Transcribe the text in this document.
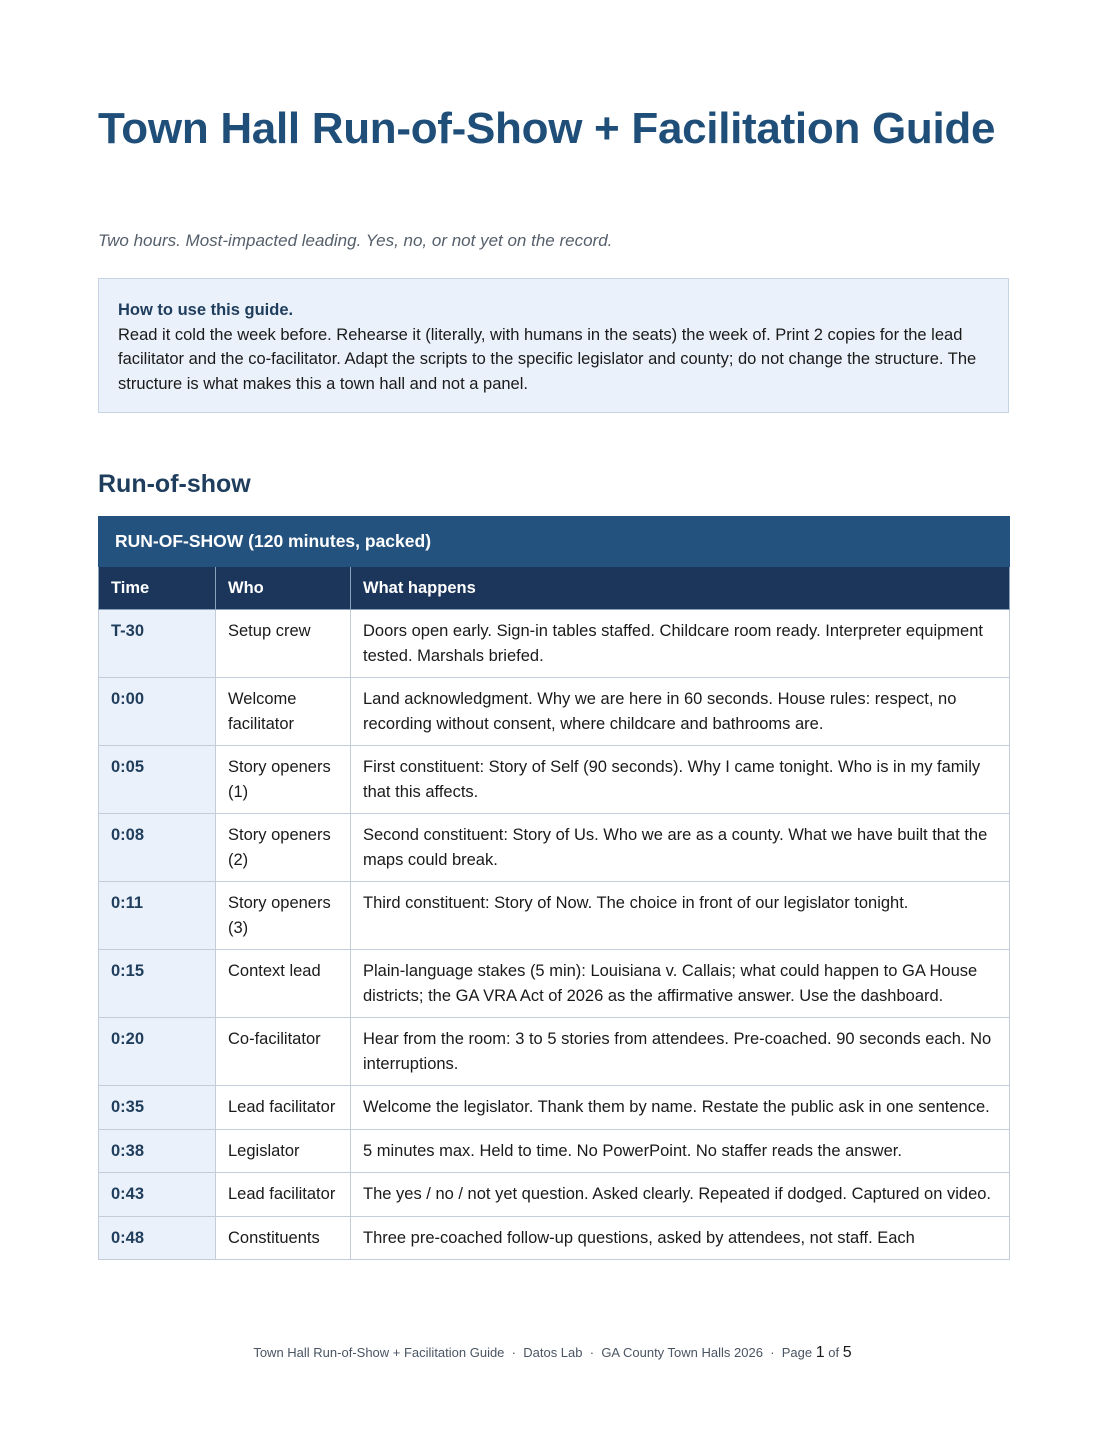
Town Hall Run-of-Show + Facilitation Guide
Two hours. Most-impacted leading. Yes, no, or not yet on the record.
How to use this guide.
Read it cold the week before. Rehearse it (literally, with humans in the seats) the week of. Print 2 copies for the lead facilitator and the co-facilitator. Adapt the scripts to the specific legislator and county; do not change the structure. The structure is what makes this a town hall and not a panel.
Run-of-show
RUN-OF-SHOW (120 minutes, packed)		
Time	Who	What happens
T-30	Setup crew	Doors open early. Sign-in tables staffed. Childcare room ready. Interpreter equipment tested. Marshals briefed.
0:00	Welcome facilitator	Land acknowledgment. Why we are here in 60 seconds. House rules: respect, no recording without consent, where childcare and bathrooms are.
0:05	Story openers (1)	First constituent: Story of Self (90 seconds). Why I came tonight. Who is in my family that this affects.
0:08	Story openers (2)	Second constituent: Story of Us. Who we are as a county. What we have built that the maps could break.
0:11	Story openers (3)	Third constituent: Story of Now. The choice in front of our legislator tonight.
0:15	Context lead	Plain-language stakes (5 min): Louisiana v. Callais; what could happen to GA House districts; the GA VRA Act of 2026 as the affirmative answer. Use the dashboard.
0:20	Co-facilitator	Hear from the room: 3 to 5 stories from attendees. Pre-coached. 90 seconds each. No interruptions.
0:35	Lead facilitator	Welcome the legislator. Thank them by name. Restate the public ask in one sentence.
0:38	Legislator	5 minutes max. Held to time. No PowerPoint. No staffer reads the answer.
0:43	Lead facilitator	The yes / no / not yet question. Asked clearly. Repeated if dodged. Captured on video.
0:48	Constituents	Three pre-coached follow-up questions, asked by attendees, not staff. Each
Town Hall Run-of-Show + Facilitation Guide · Datos Lab · GA County Town Halls 2026 · Page 1 of 5
